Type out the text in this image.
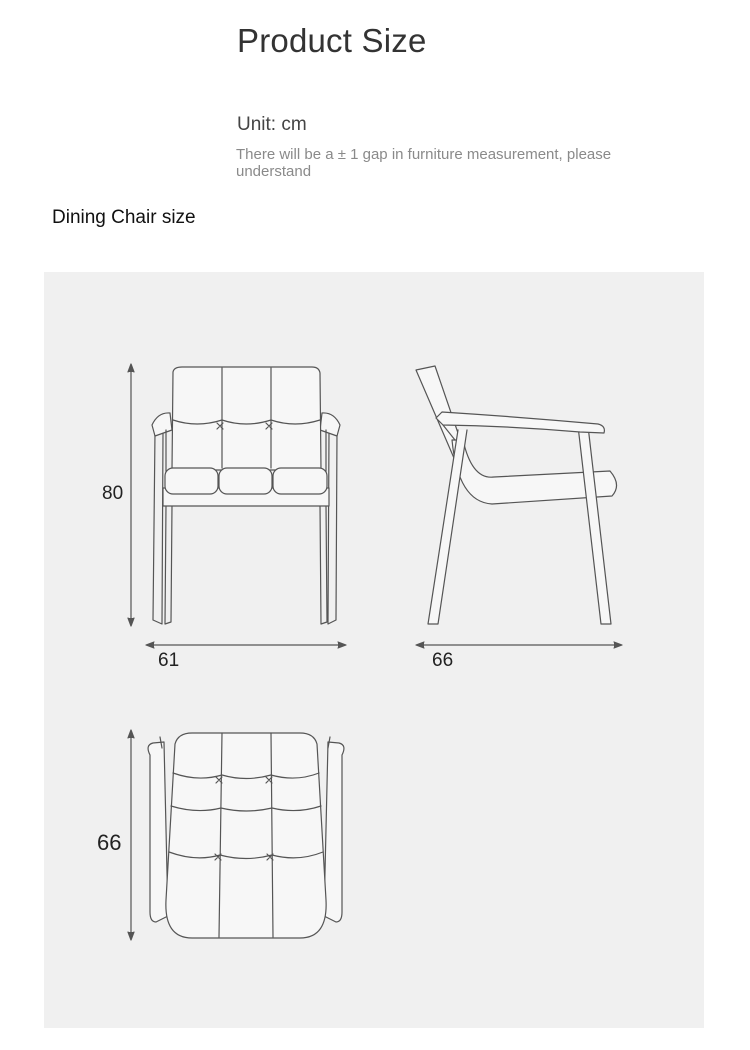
Product Size
Unit: cm
There will be a ± 1 gap in furniture measurement, please understand
Dining Chair size
80
61	66
66
